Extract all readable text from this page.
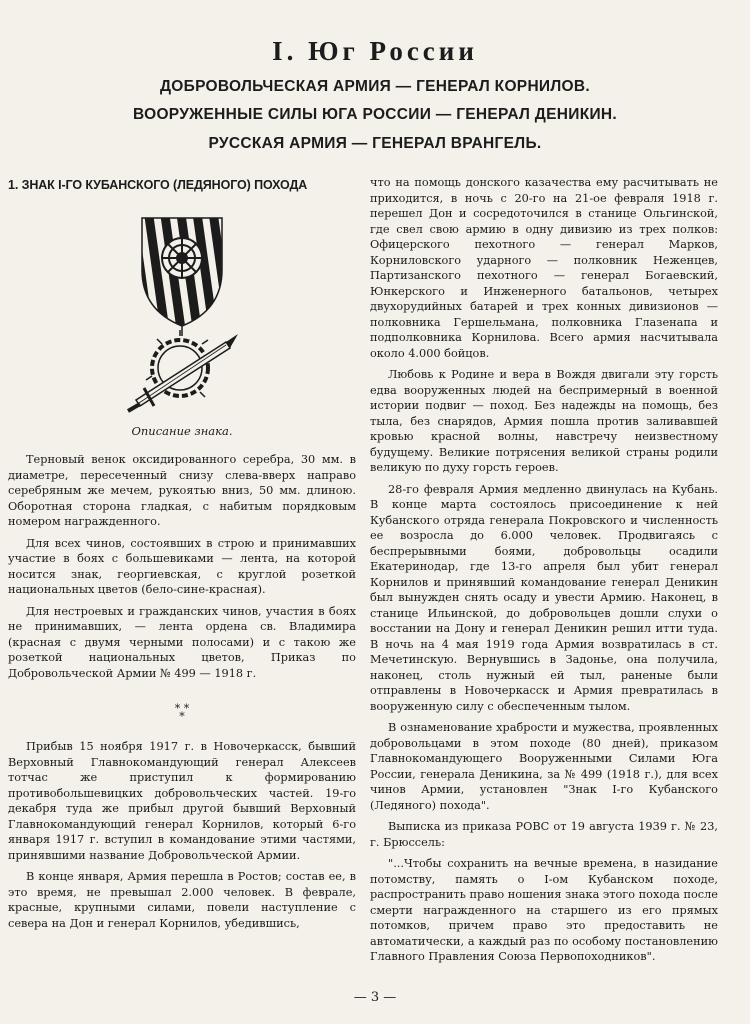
I. Юг России
ДОБРОВОЛЬЧЕСКАЯ АРМИЯ — ГЕНЕРАЛ КОРНИЛОВ.
ВООРУЖЕННЫЕ СИЛЫ ЮГА РОССИИ — ГЕНЕРАЛ ДЕНИКИН.
РУССКАЯ АРМИЯ — ГЕНЕРАЛ ВРАНГЕЛЬ.
1. ЗНАК I-ГО КУБАНСКОГО (ЛЕДЯНОГО) ПОХОДА
Описание знака.

Терновый венок оксидированного серебра, 30 мм. в диаметре, пересеченный снизу слева-вверх направо серебряным же мечем, рукоятью вниз, 50 мм. длиною. Оборотная сторона гладкая, с набитым порядковым номером награжденного.

Для всех чинов, состоявших в строю и принимавших участие в боях с большевиками — лента, на которой носится знак, георгиевская, с круглой розеткой национальных цветов (бело-сине-красная).

Для нестроевых и гражданских чинов, участия в боях не принимавших, — лента ордена св. Владимира (красная с двумя черными полосами) и с такою же розеткой национальных цветов, Приказ по Добровольческой Армии № 499 — 1918 г.

* *
*

Прибыв 15 ноября 1917 г. в Новочеркасск, бывший Верховный Главнокомандующий генерал Алексеев тотчас же приступил к формированию противобольшевицких добровольческих частей. 19-го декабря туда же прибыл другой бывший Верховный Главнокомандующий генерал Корнилов, который 6-го января 1917 г. вступил в командование этими частями, принявшими название Добровольческой Армии.

В конце января, Армия перешла в Ростов; состав ее, в это время, не превышал 2.000 человек. В феврале, красные, крупными силами, повели наступление с севера на Дон и генерал Корнилов, убедившись,

что на помощь донского казачества ему расчитывать не приходится, в ночь с 20-го на 21-ое февраля 1918 г. перешел Дон и сосредоточился в станице Ольгинской, где свел свою армию в одну дивизию из трех полков: Офицерского пехотного — генерал Марков, Корниловского ударного — полковник Неженцев, Партизанского пехотного — генерал Богаевский, Юнкерского и Инженерного батальонов, четырех двухорудийных батарей и трех конных дивизионов — полковника Гершельмана, полковника Глазенапа и подполковника Корнилова. Всего армия насчитывала около 4.000 бойцов.

Любовь к Родине и вера в Вождя двигали эту горсть едва вооруженных людей на беспримерный в военной истории подвиг — поход. Без надежды на помощь, без тыла, без снарядов, Армия пошла против заливавшей кровью красной волны, навстречу неизвестному будущему. Великие потрясения великой страны родили великую по духу горсть героев.

28-го февраля Армия медленно двинулась на Кубань. В конце марта состоялось присоединение к ней Кубанского отряда генерала Покровского и численность ее возросла до 6.000 человек. Продвигаясь с беспрерывными боями, добровольцы осадили Екатеринодар, где 13-го апреля был убит генерал Корнилов и принявший командование генерал Деникин был вынужден снять осаду и увести Армию. Наконец, в станице Ильинской, до добровольцев дошли слухи о восстании на Дону и генерал Деникин решил итти туда. В ночь на 4 мая 1919 года Армия возвратилась в ст. Мечетинскую. Вернувшись в Задонье, она получила, наконец, столь нужный ей тыл, раненые были отправлены в Новочеркасск и Армия превратилась в вооруженную силу с обеспеченным тылом.

В ознаменование храбрости и мужества, проявленных добровольцами в этом походе (80 дней), приказом Главнокомандующего Вооруженными Силами Юга России, генерала Деникина, за № 499 (1918 г.), для всех чинов Армии, установлен "Знак I-го Кубанского (Ледяного) похода".

Выписка из приказа РОВС от 19 августа 1939 г. № 23, г. Брюссель:

"...Чтобы сохранить на вечные времена, в назидание потомству, память о I-ом Кубанском походе, распространить право ношения знака этого похода после смерти награжденного на старшего из его прямых потомков, причем право это предоставить не автоматически, а каждый раз по особому постановлению Главного Правления Союза Первопоходников".

— 3 —
